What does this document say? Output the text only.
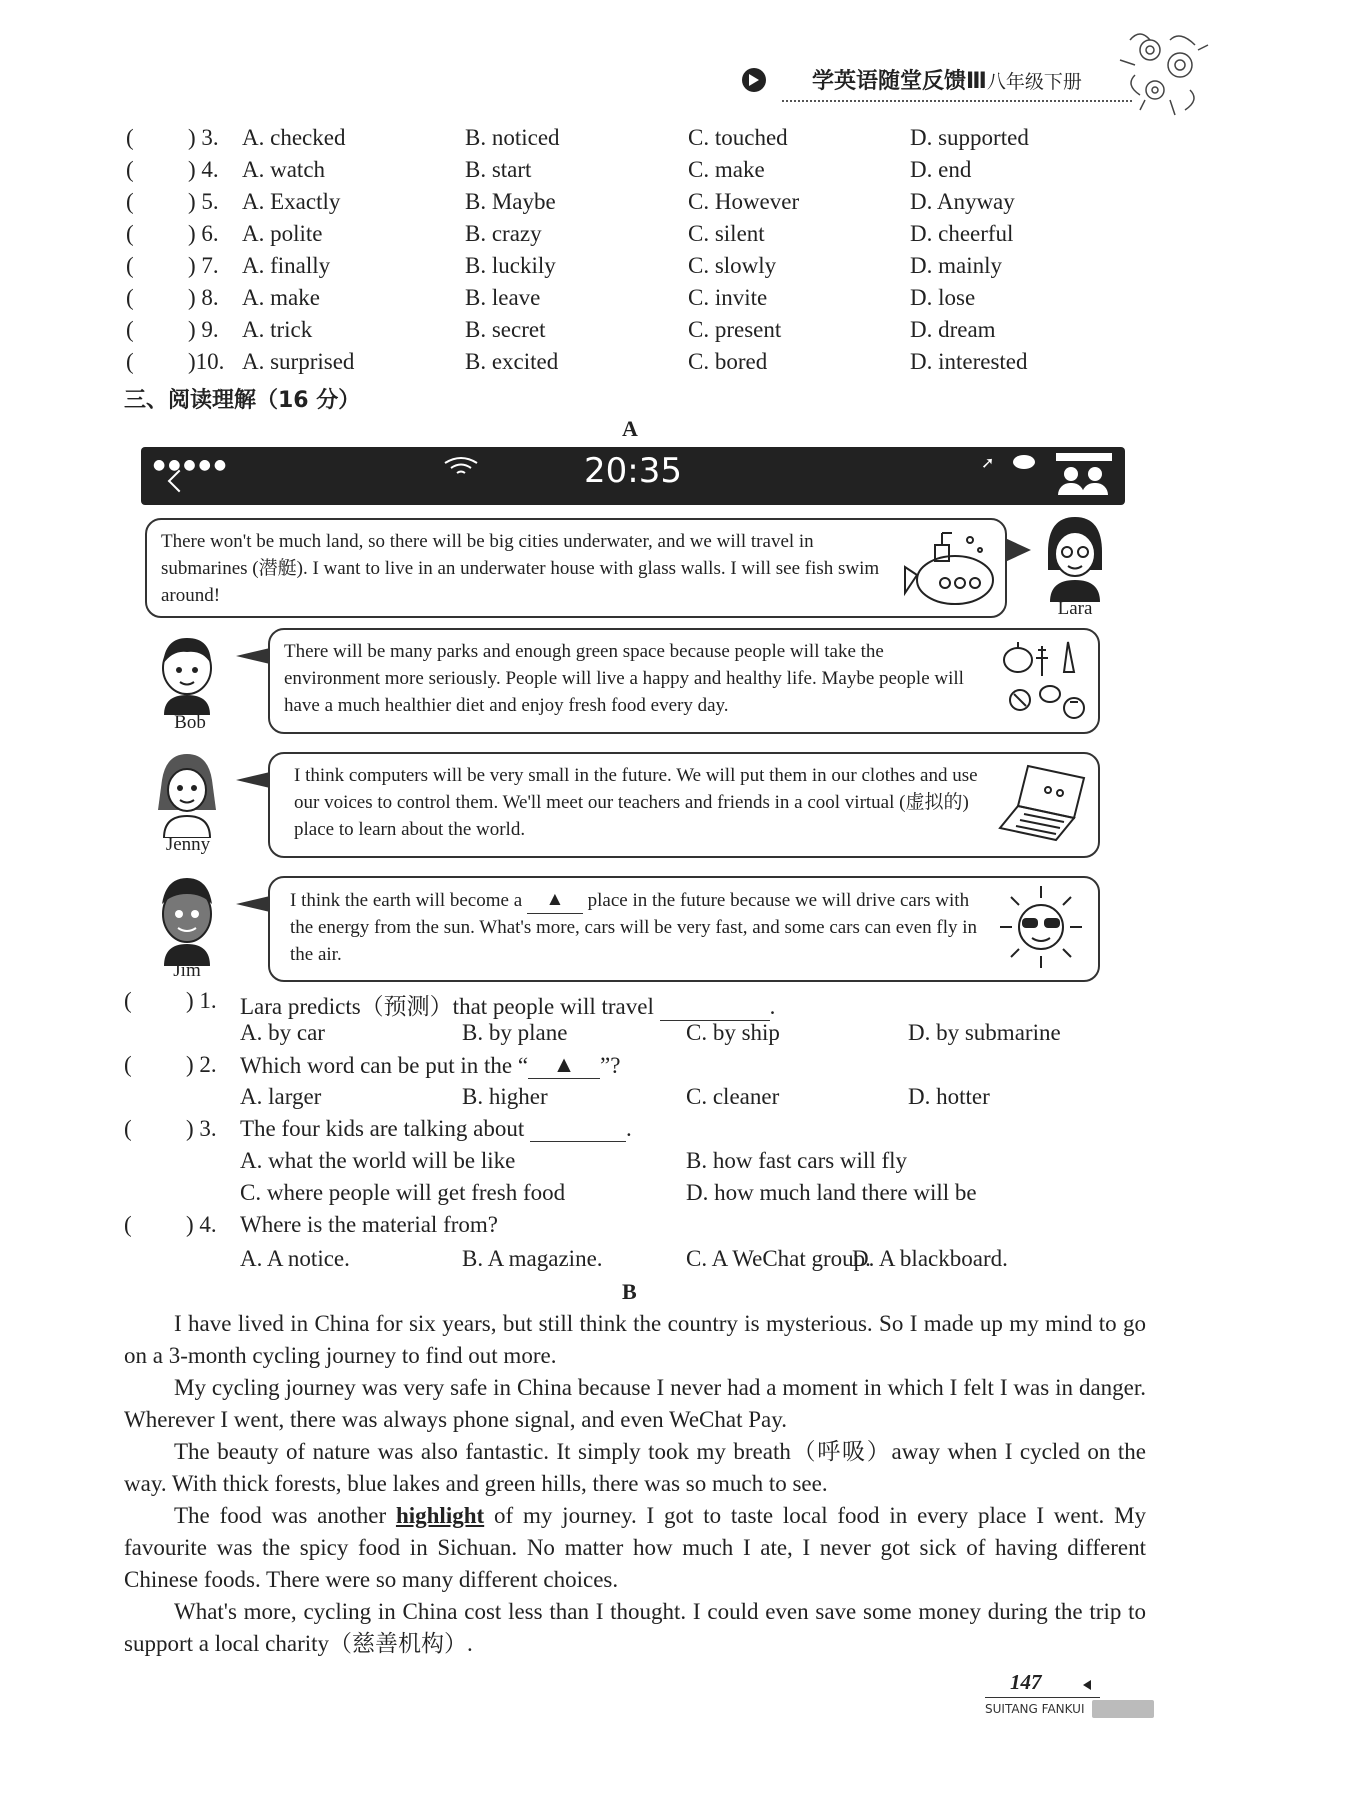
学英语随堂反馈Ⅲ八年级下册
( ) 3. A. checked	B. noticed	C. touched	D. supported
( ) 4. A. watch	B. start	C. make	D. end
( ) 5. A. Exactly	B. Maybe	C. However	D. Anyway
( ) 6. A. polite	B. crazy	C. silent	D. cheerful
( ) 7. A. finally	B. luckily	C. slowly	D. mainly
( ) 8. A. make	B. leave	C. invite	D. lose
( ) 9. A. trick	B. secret	C. present	D. dream
( )10. A. surprised	B. excited	C. bored	D. interested
三、阅读理解（16 分）
A
●●●●●	20:35	➚
There won't be much land, so there will be big cities underwater, and we will travel in submarines (潜艇). I want to live in an underwater house with glass walls. I will see fish swim around!
Lara
Bob
There will be many parks and enough green space because people will take the environment more seriously. People will live a happy and healthy life. Maybe people will have a much healthier diet and enjoy fresh food every day.
Jenny
I think computers will be very small in the future. We will put them in our clothes and use our voices to control them. We'll meet our teachers and friends in a cool virtual (虚拟的) place to learn about the world.
Jim
I think the earth will become a ▲ place in the future because we will drive cars with the energy from the sun. What's more, cars will be very fast, and some cars can even fly in the air.
( ) 1. Lara predicts（预测）that people will travel	.
A. by car	B. by plane	C. by ship	D. by submarine
( ) 2. Which word can be put in the “ ▲ ”?
A. larger	B. higher	C. cleaner	D. hotter
( ) 3. The four kids are talking about	.
A. what the world will be like	B. how fast cars will fly
C. where people will get fresh food	D. how much land there will be
( ) 4. Where is the material from?
A. A notice.	B. A magazine.	C. A WeChat group.
D. A blackboard.
B
I have lived in China for six years, but still think the country is mysterious. So I made up my mind to go on a 3-month cycling journey to find out more.
My cycling journey was very safe in China because I never had a moment in which I felt I was in danger. Wherever I went, there was always phone signal, and even WeChat Pay.
The beauty of nature was also fantastic. It simply took my breath（呼吸）away when I cycled on the way. With thick forests, blue lakes and green hills, there was so much to see.
The food was another highlight of my journey. I got to taste local food in every place I went. My favourite was the spicy food in Sichuan. No matter how much I ate, I never got sick of having different Chinese foods. There were so many different choices.
What's more, cycling in China cost less than I thought. I could even save some money during the trip to support a local charity（慈善机构）.
147
SUITANG FANKUI
